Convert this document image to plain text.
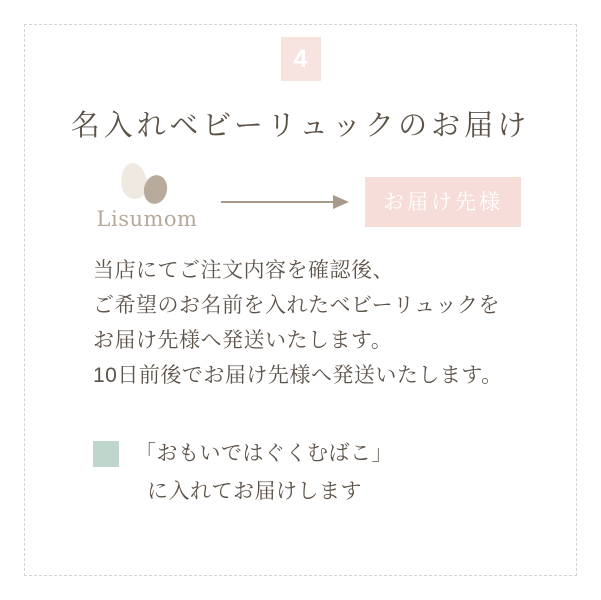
4
名入れベビーリュックのお届け
Lisumom
お届け先様

当店にてご注文内容を確認後、

ご希望のお名前を入れたベビーリュックを

お届け先様へ発送いたします。

10日前後でお届け先様へ発送いたします。

「おもいではぐくむばこ」

に入れてお届けします
